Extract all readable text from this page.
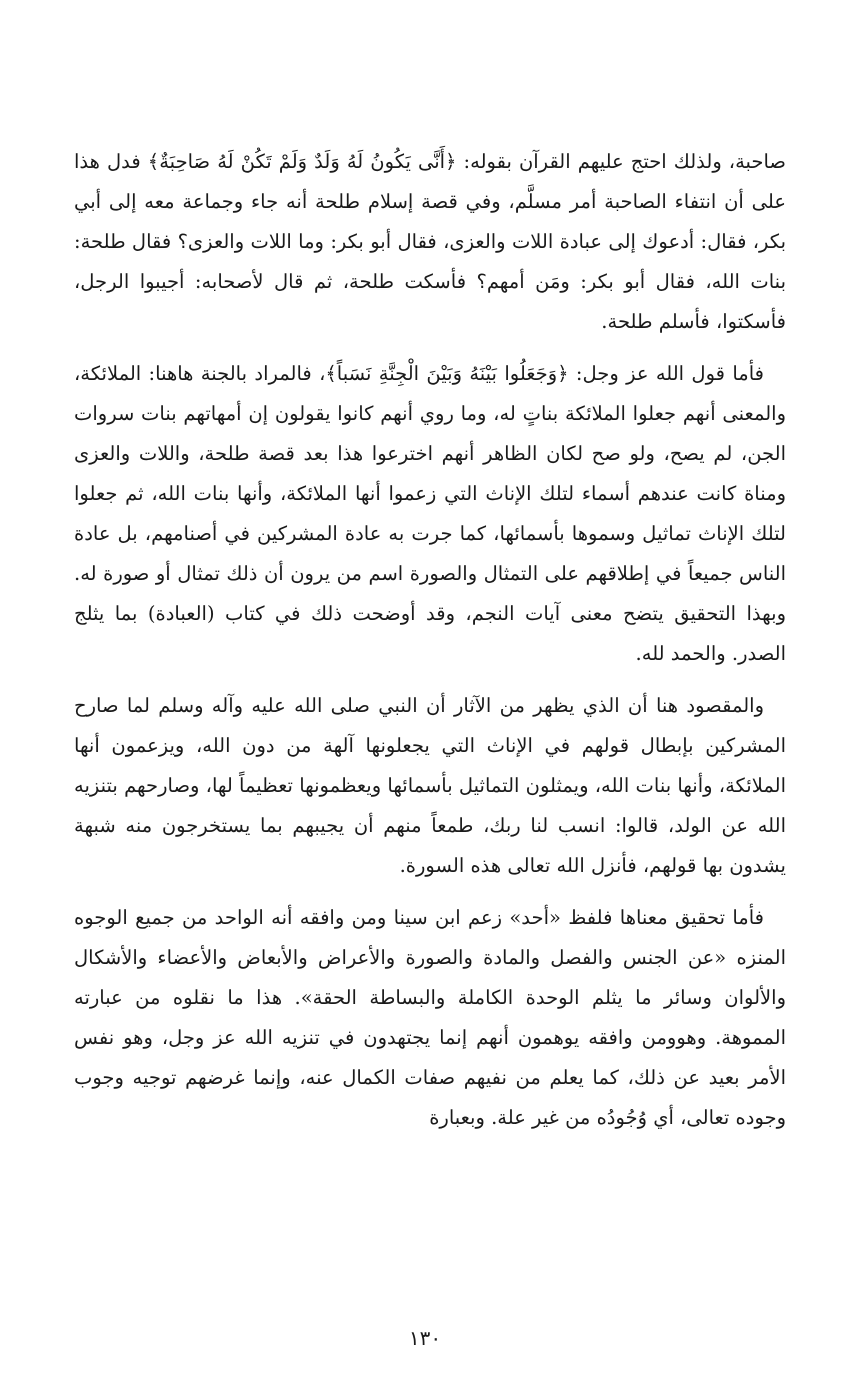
صاحبة، ولذلك احتج عليهم القرآن بقوله: ﴿أَنَّى يَكُونُ لَهُ وَلَدٌ وَلَمْ تَكُنْ لَهُ صَاحِبَةٌ﴾ فدل هذا على أن انتفاء الصاحبة أمر مسلَّم، وفي قصة إسلام طلحة أنه جاء وجماعة معه إلى أبي بكر، فقال: أدعوك إلى عبادة اللات والعزى، فقال أبو بكر: وما اللات والعزى؟ فقال طلحة: بنات الله، فقال أبو بكر: ومَن أمهم؟ فأسكت طلحة، ثم قال لأصحابه: أجيبوا الرجل، فأسكتوا، فأسلم طلحة.

فأما قول الله عز وجل: ﴿وَجَعَلُوا بَيْنَهُ وَبَيْنَ الْجِنَّةِ نَسَباً﴾، فالمراد بالجنة هاهنا: الملائكة، والمعنى أنهم جعلوا الملائكة بناتٍ له، وما روي أنهم كانوا يقولون إن أمهاتهم بنات سروات الجن، لم يصح، ولو صح لكان الظاهر أنهم اخترعوا هذا بعد قصة طلحة، واللات والعزى ومناة كانت عندهم أسماء لتلك الإناث التي زعموا أنها الملائكة، وأنها بنات الله، ثم جعلوا لتلك الإناث تماثيل وسموها بأسمائها، كما جرت به عادة المشركين في أصنامهم، بل عادة الناس جميعاً في إطلاقهم على التمثال والصورة اسم من يرون أن ذلك تمثال أو صورة له. وبهذا التحقيق يتضح معنى آيات النجم، وقد أوضحت ذلك في كتاب (العبادة) بما يثلج الصدر. والحمد لله.

والمقصود هنا أن الذي يظهر من الآثار أن النبي صلى الله عليه وآله وسلم لما صارح المشركين بإبطال قولهم في الإناث التي يجعلونها آلهة من دون الله، ويزعمون أنها الملائكة، وأنها بنات الله، ويمثلون التماثيل بأسمائها ويعظمونها تعظيماً لها، وصارحهم بتنزيه الله عن الولد، قالوا: انسب لنا ربك، طمعاً منهم أن يجيبهم بما يستخرجون منه شبهة يشدون بها قولهم، فأنزل الله تعالى هذه السورة.

فأما تحقيق معناها فلفظ «أحد» زعم ابن سينا ومن وافقه أنه الواحد من جميع الوجوه المنزه «عن الجنس والفصل والمادة والصورة والأعراض والأبعاض والأعضاء والأشكال والألوان وسائر ما يثلم الوحدة الكاملة والبساطة الحقة». هذا ما نقلوه من عبارته المموهة. وهوومن وافقه يوهمون أنهم إنما يجتهدون في تنزيه الله عز وجل، وهو نفس الأمر بعيد عن ذلك، كما يعلم من نفيهم صفات الكمال عنه، وإنما غرضهم توجيه وجوب وجوده تعالى، أي وُجُودُه من غير علة. وبعبارة

١٣٠
